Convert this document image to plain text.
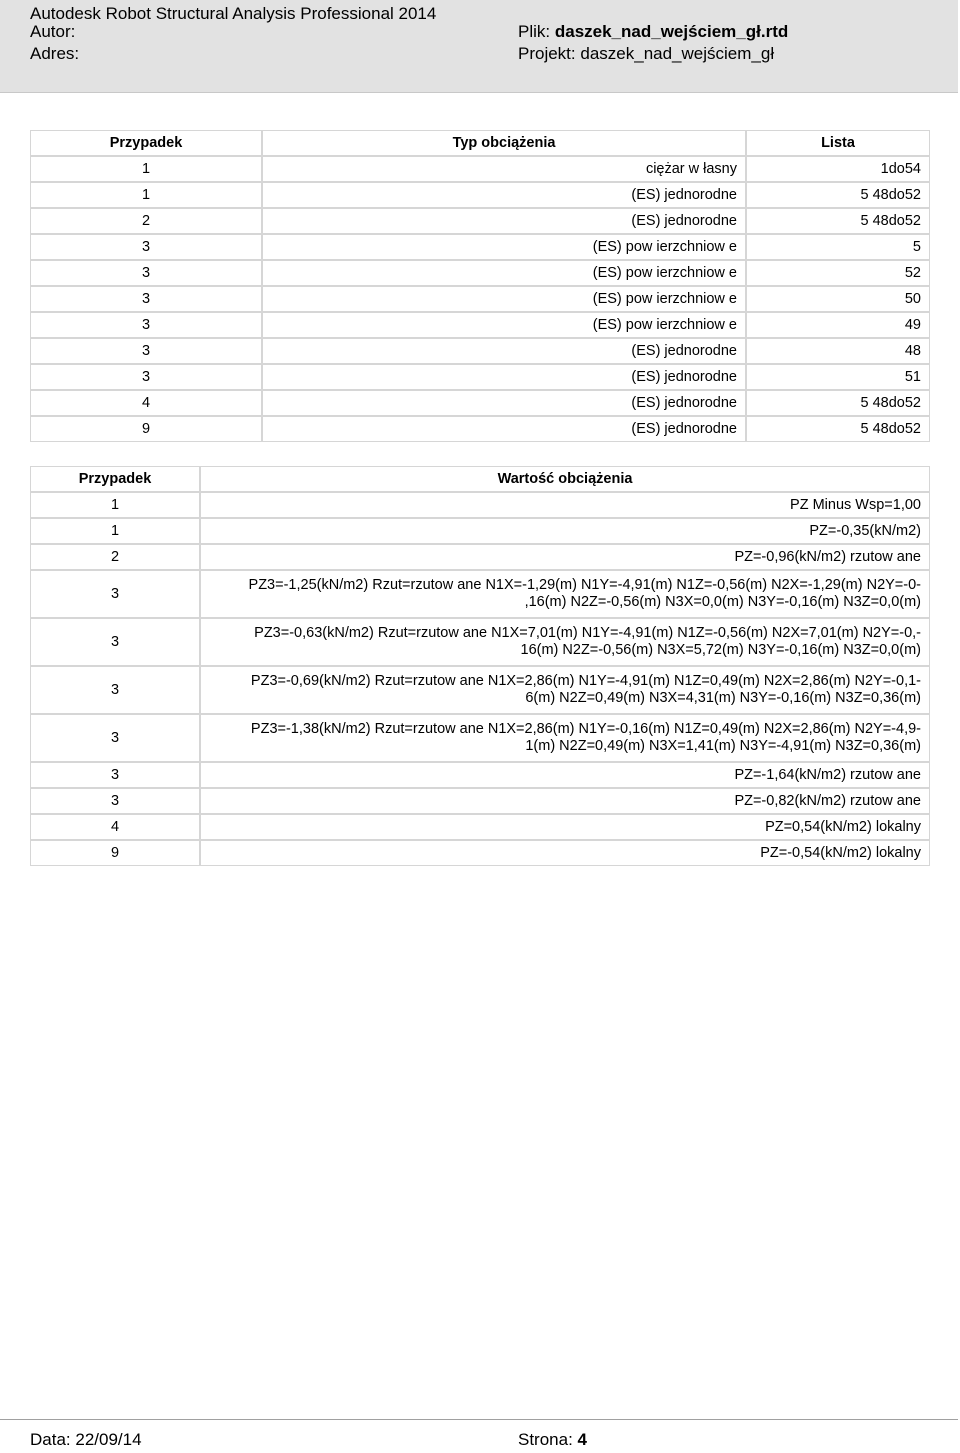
Autodesk Robot Structural Analysis Professional 2014
Autor:
Adres:
Plik: daszek_nad_wejściem_gł.rtd
Projekt: daszek_nad_wejściem_gł
Przypadek	Typ obciążenia	Lista
1	ciężar w łasny	1do54
1	(ES) jednorodne	5 48do52
2	(ES) jednorodne	5 48do52
3	(ES) pow ierzchniow e	5
3	(ES) pow ierzchniow e	52
3	(ES) pow ierzchniow e	50
3	(ES) pow ierzchniow e	49
3	(ES) jednorodne	48
3	(ES) jednorodne	51
4	(ES) jednorodne	5 48do52
9	(ES) jednorodne	5 48do52
Przypadek	Wartość obciążenia
1	PZ Minus Wsp=1,00

1	PZ=-0,35(kN/m2)

2	PZ=-0,96(kN/m2) rzutow ane

3	PZ3=-1,25(kN/m2) Rzut=rzutow ane N1X=-1,29(m) N1Y=-4,91(m) N1Z=-0,56(m) N2X=-1,29(m) N2Y=-0-
,16(m) N2Z=-0,56(m) N3X=0,0(m) N3Y=-0,16(m) N3Z=0,0(m)

3	PZ3=-0,63(kN/m2) Rzut=rzutow ane N1X=7,01(m) N1Y=-4,91(m) N1Z=-0,56(m) N2X=7,01(m) N2Y=-0,-
16(m) N2Z=-0,56(m) N3X=5,72(m) N3Y=-0,16(m) N3Z=0,0(m)

3	PZ3=-0,69(kN/m2) Rzut=rzutow ane N1X=2,86(m) N1Y=-4,91(m) N1Z=0,49(m) N2X=2,86(m) N2Y=-0,1-
6(m) N2Z=0,49(m) N3X=4,31(m) N3Y=-0,16(m) N3Z=0,36(m)

3	PZ3=-1,38(kN/m2) Rzut=rzutow ane N1X=2,86(m) N1Y=-0,16(m) N1Z=0,49(m) N2X=2,86(m) N2Y=-4,9-
1(m) N2Z=0,49(m) N3X=1,41(m) N3Y=-4,91(m) N3Z=0,36(m)

3	PZ=-1,64(kN/m2) rzutow ane

3	PZ=-0,82(kN/m2) rzutow ane

4	PZ=0,54(kN/m2) lokalny

9	PZ=-0,54(kN/m2) lokalny
Data: 22/09/14	Strona: 4
